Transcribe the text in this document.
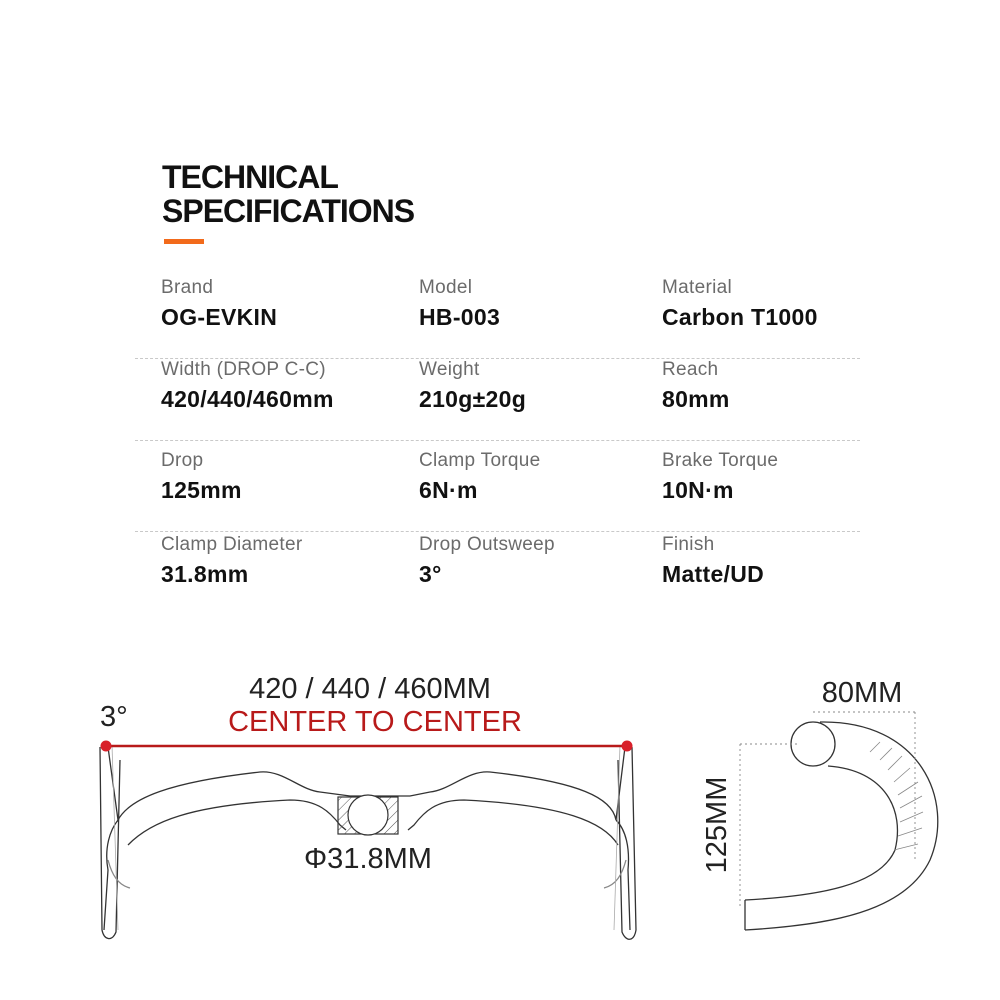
TECHNICAL
SPECIFICATIONS
Brand
OG-EVKIN
Model
HB-003
Material
Carbon T1000
Width (DROP C-C)
420/440/460mm
Weight
210g±20g
Reach
80mm
Drop
125mm
Clamp Torque
6N·m
Brake Torque
10N·m
Clamp Diameter
31.8mm
Drop Outsweep
3°
Finish
Matte/UD
420 / 440 / 460MM
CENTER TO CENTER
3°
Φ31.8MM
80MM
125MM
